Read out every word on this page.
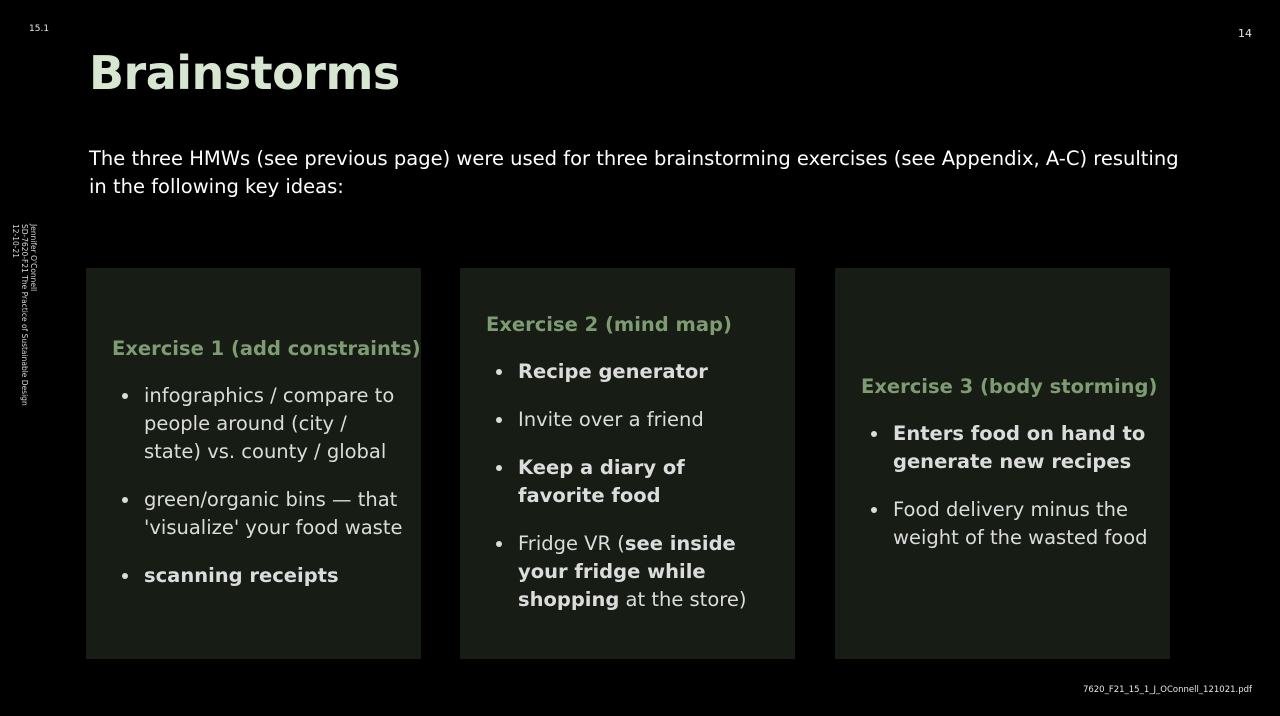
15.1	14
Jennifer O'Connell
SD-7620-F21 The Practice of Sustainable Design
12-10-21
Brainstorms

The three HMWs (see previous page) were used for three brainstorming exercises (see Appendix, A-C) resulting in the following key ideas:

Exercise 1 (add constraints)
infographics / compare to people around (city / state) vs. county / global
green/organic bins — that 'visualize' your food waste
scanning receipts
Exercise 2 (mind map)
Recipe generator
Invite over a friend
Keep a diary of favorite food
Fridge VR (see inside your fridge while shopping at the store)
Exercise 3 (body storming)
Enters food on hand to generate new recipes
Food delivery minus the weight of the wasted food
7620_F21_15_1_J_OConnell_121021.pdf
